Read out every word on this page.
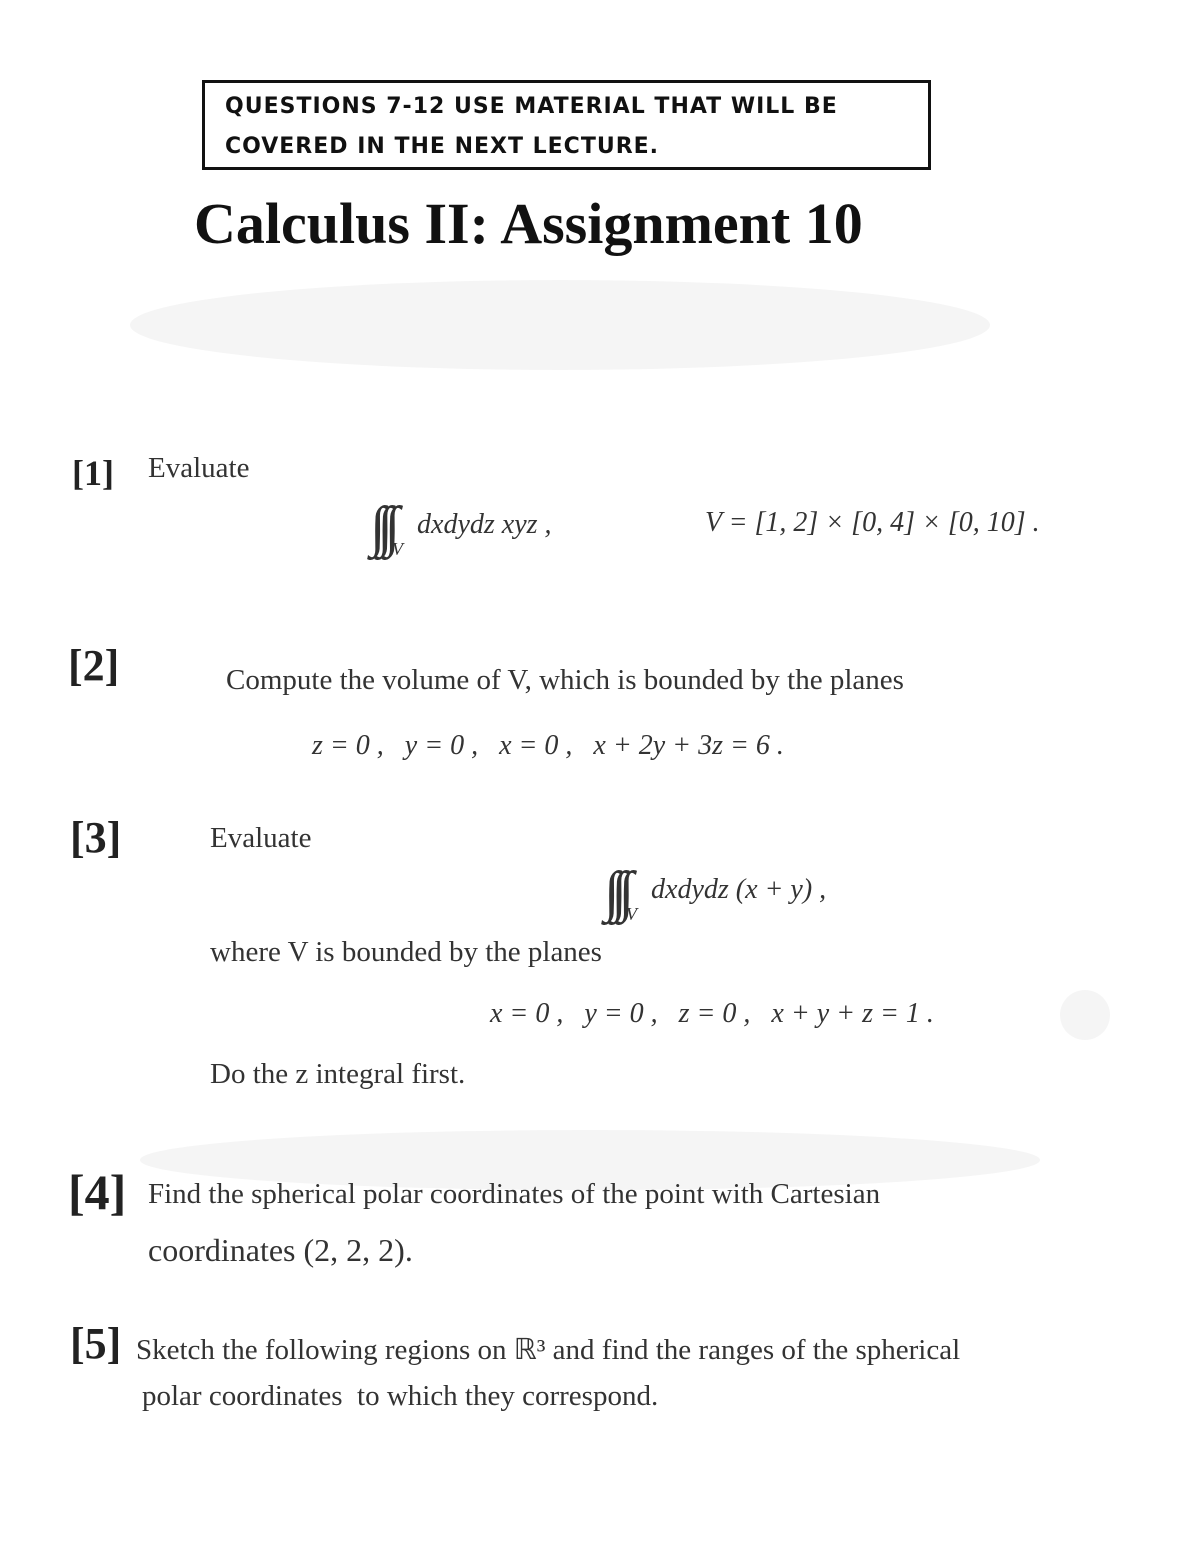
QUESTIONS 7-12 USE MATERIAL THAT WILL BE
COVERED IN THE NEXT LECTURE.
Calculus II: Assignment 10
[1] Evaluate
$\int\int\int_Vdxdydz$ xyz ,	V = [1, 2] × [0, 4] × [0, 10] .
[2]	Compute the volume of V, which is bounded by the planes
z = 0 ,   y = 0 ,   x = 0 ,   x + 2y + 3z = 6 .
[3]	Evaluate
$\int\int\int_Vdxdydz$ (x + y) ,
where V is bounded by the planes
x = 0 ,   y = 0 ,   z = 0 ,   x + y + z = 1 .
Do the z integral first.
[4] Find the spherical polar coordinates of the point with Cartesian
coordinates (2, 2, 2).
[5] Sketch the following regions on ℝ³ and find the ranges of the spherical
polar coordinates  to which they correspond.
